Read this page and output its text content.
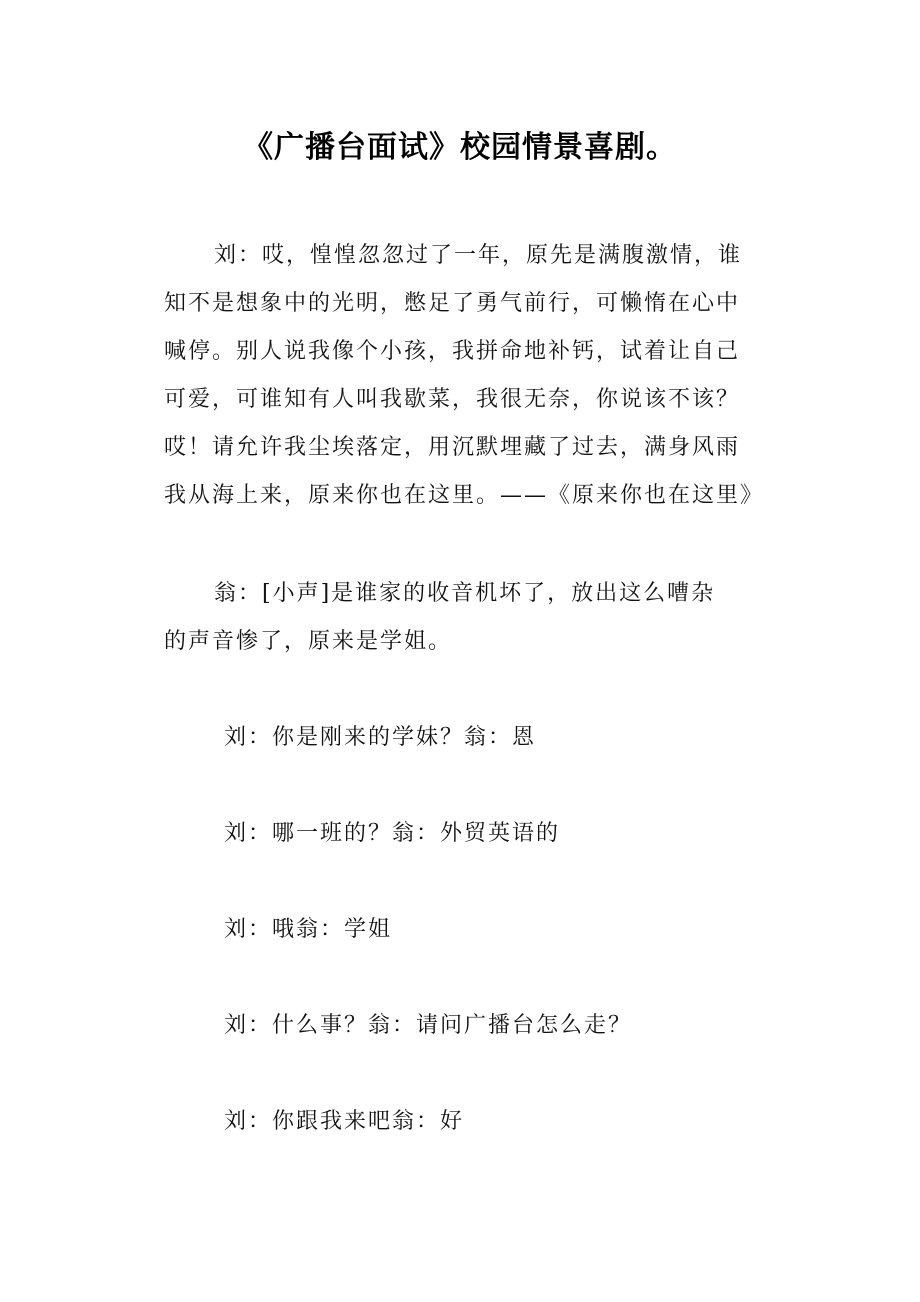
《广播台面试》校园情景喜剧。
刘：哎，惶惶忽忽过了一年，原先是满腹激情，谁
知不是想象中的光明，憋足了勇气前行，可懒惰在心中
喊停。别人说我像个小孩，我拼命地补钙，试着让自己
可爱，可谁知有人叫我歇菜，我很无奈，你说该不该？
哎！请允许我尘埃落定，用沉默埋藏了过去，满身风雨
我从海上来，原来你也在这里。——《原来你也在这里》
翁：[小声]是谁家的收音机坏了，放出这么嘈杂
的声音惨了，原来是学姐。

刘：你是刚来的学妹？翁：恩

刘：哪一班的？翁：外贸英语的

刘：哦翁：学姐

刘：什么事？翁：请问广播台怎么走？

刘：你跟我来吧翁：好
